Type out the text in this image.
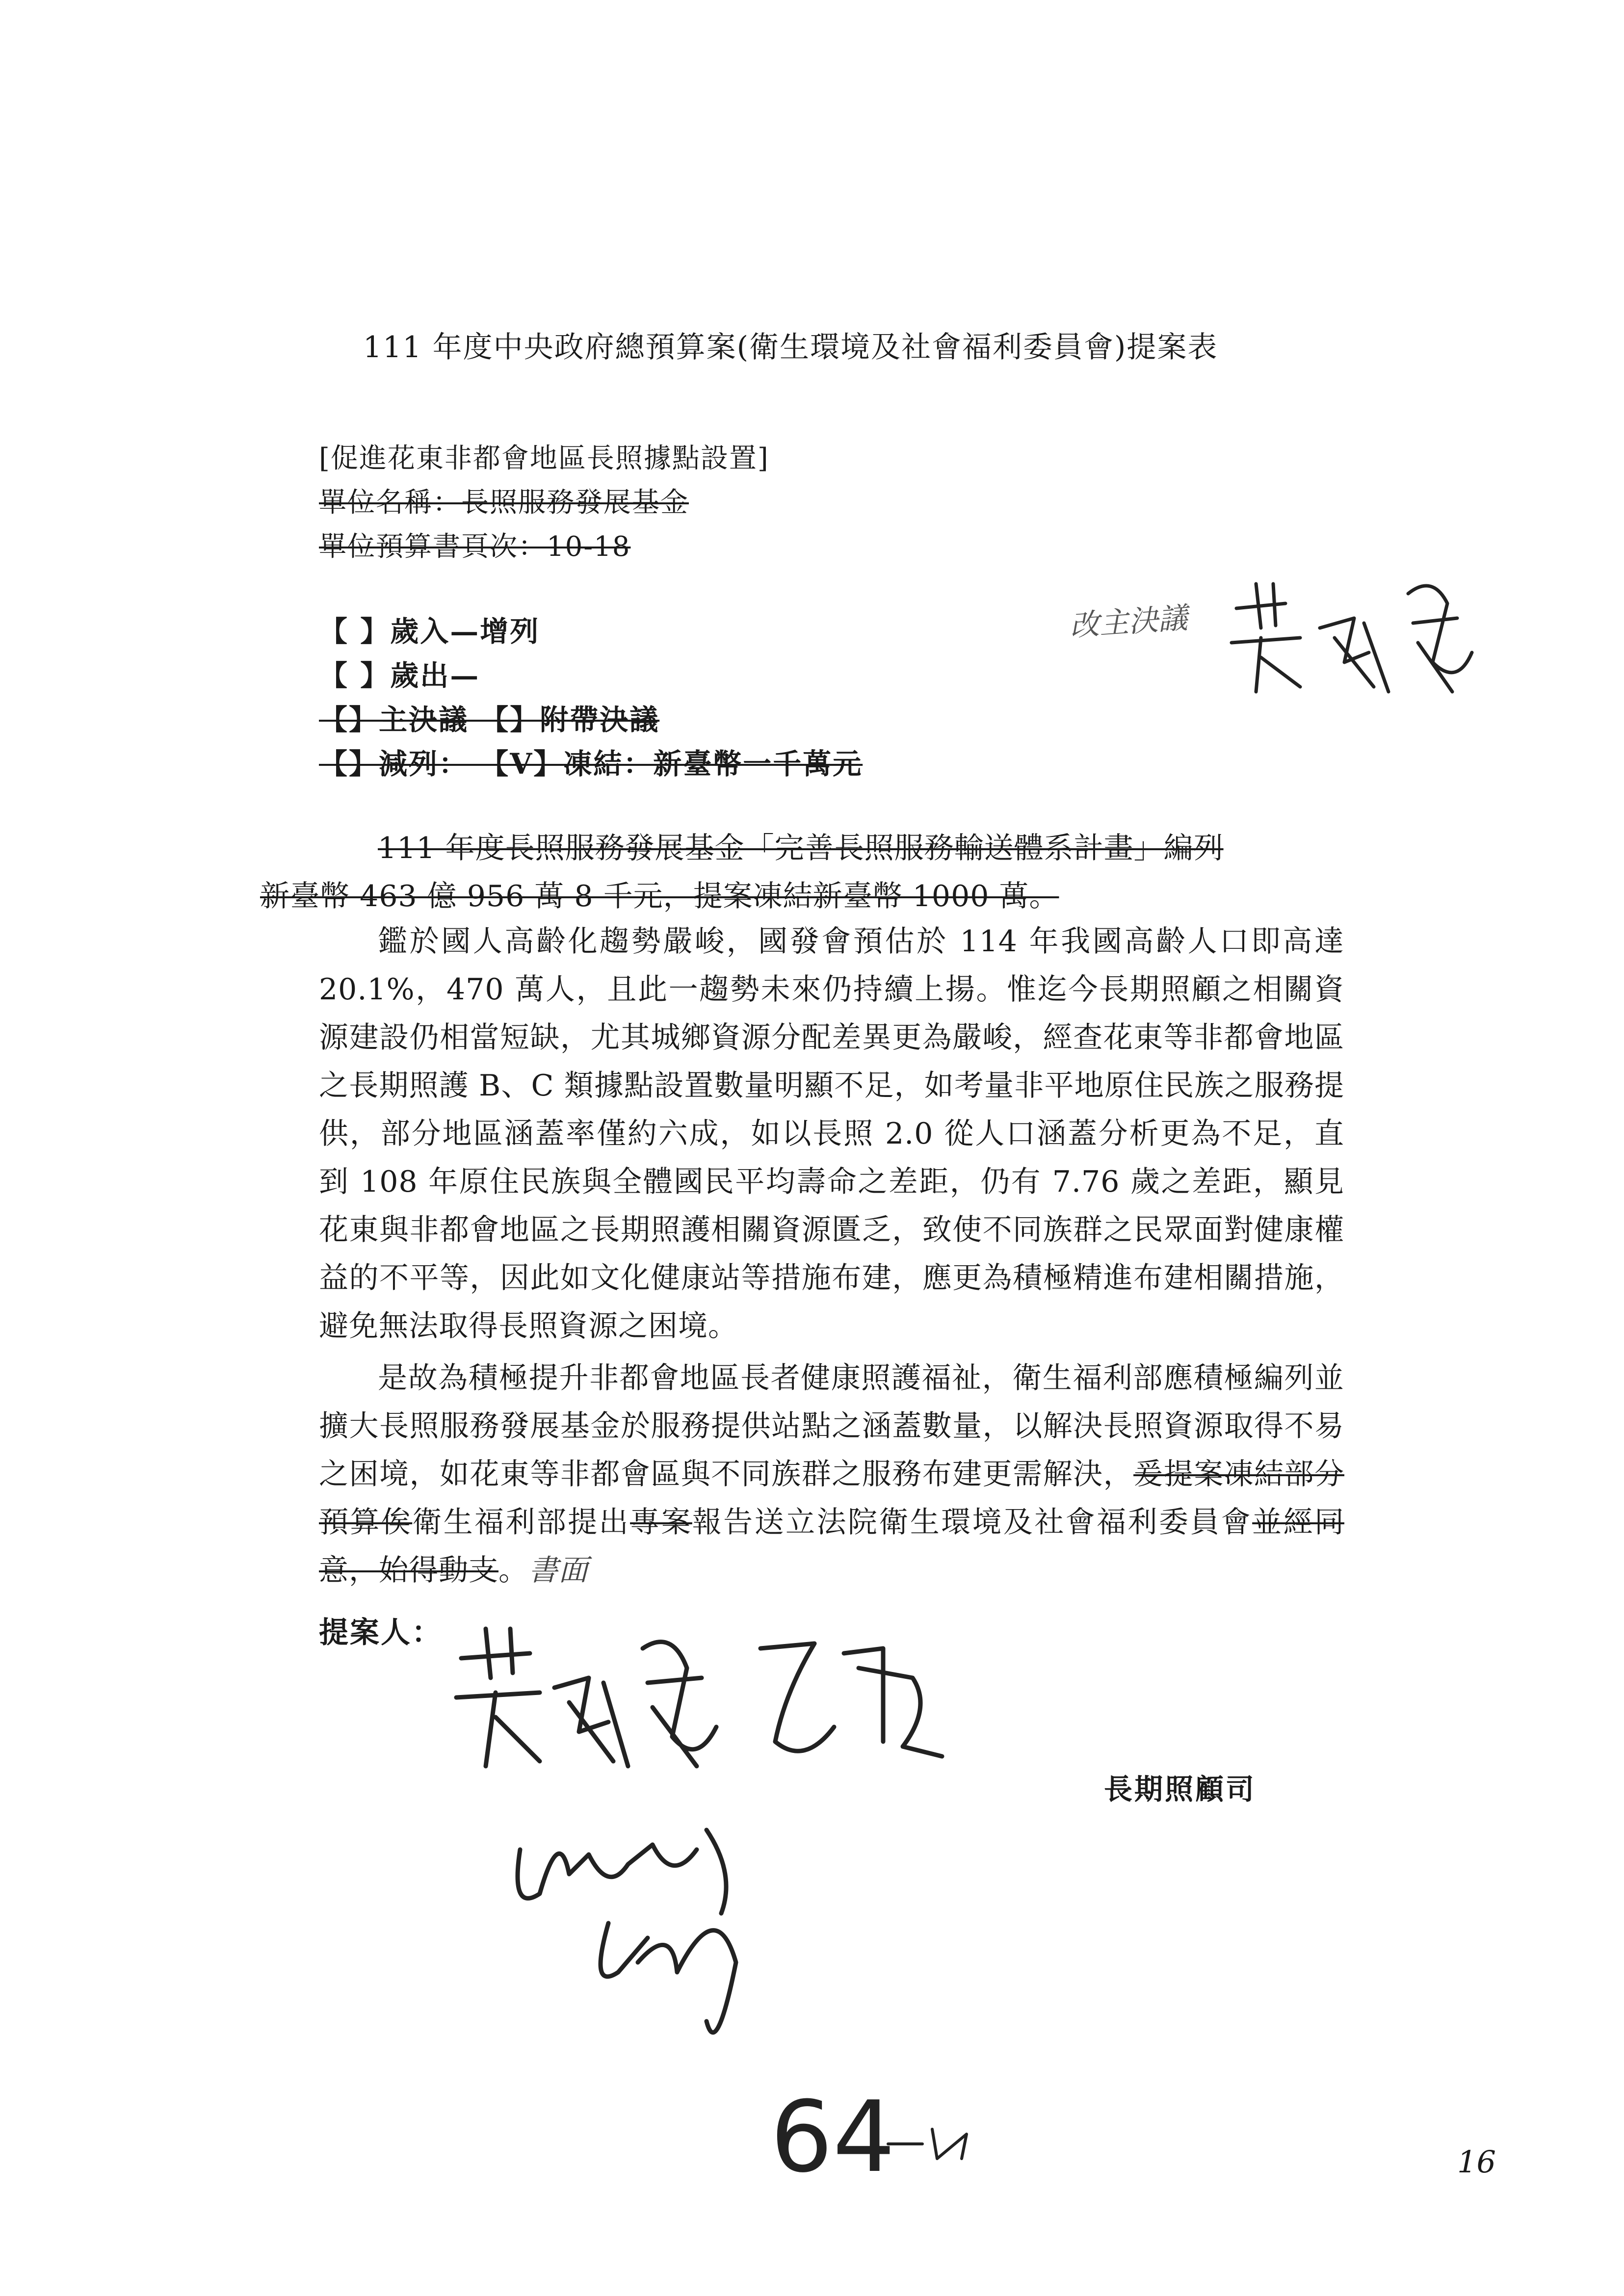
111 年度中央政府總預算案(衛生環境及社會福利委員會)提案表
[促進花東非都會地區長照據點設置]
單位名稱：長照服務發展基金
單位預算書頁次：10-18
【 】歲入—增列
【 】歲出—
【】主決議 【】附帶決議
【】減列： 【V】凍結：新臺幣一千萬元
改主決議
111 年度長照服務發展基金「完善長照服務輸送體系計畫」編列
新臺幣 463 億 956 萬 8 千元，提案凍結新臺幣 1000 萬。
鑑於國人高齡化趨勢嚴峻，國發會預估於 114 年我國高齡人口即高達 20.1%，470 萬人，且此一趨勢未來仍持續上揚。惟迄今長期照顧之相關資源建設仍相當短缺，尤其城鄉資源分配差異更為嚴峻，經查花東等非都會地區之長期照護 B、C 類據點設置數量明顯不足，如考量非平地原住民族之服務提供，部分地區涵蓋率僅約六成，如以長照 2.0 從人口涵蓋分析更為不足，直到 108 年原住民族與全體國民平均壽命之差距，仍有 7.76 歲之差距，顯見花東與非都會地區之長期照護相關資源匱乏，致使不同族群之民眾面對健康權益的不平等，因此如文化健康站等措施布建，應更為積極精進布建相關措施，避免無法取得長照資源之困境。
是故為積極提升非都會地區長者健康照護福祉，衛生福利部應積極編列並擴大長照服務發展基金於服務提供站點之涵蓋數量，以解決長照資源取得不易之困境，如花東等非都會區與不同族群之服務布建更需解決，爰提案凍結部分預算俟衛生福利部提出專案報告送立法院衛生環境及社會福利委員會並經同意，始得動支。書面
提案人：
長期照顧司
64	16
